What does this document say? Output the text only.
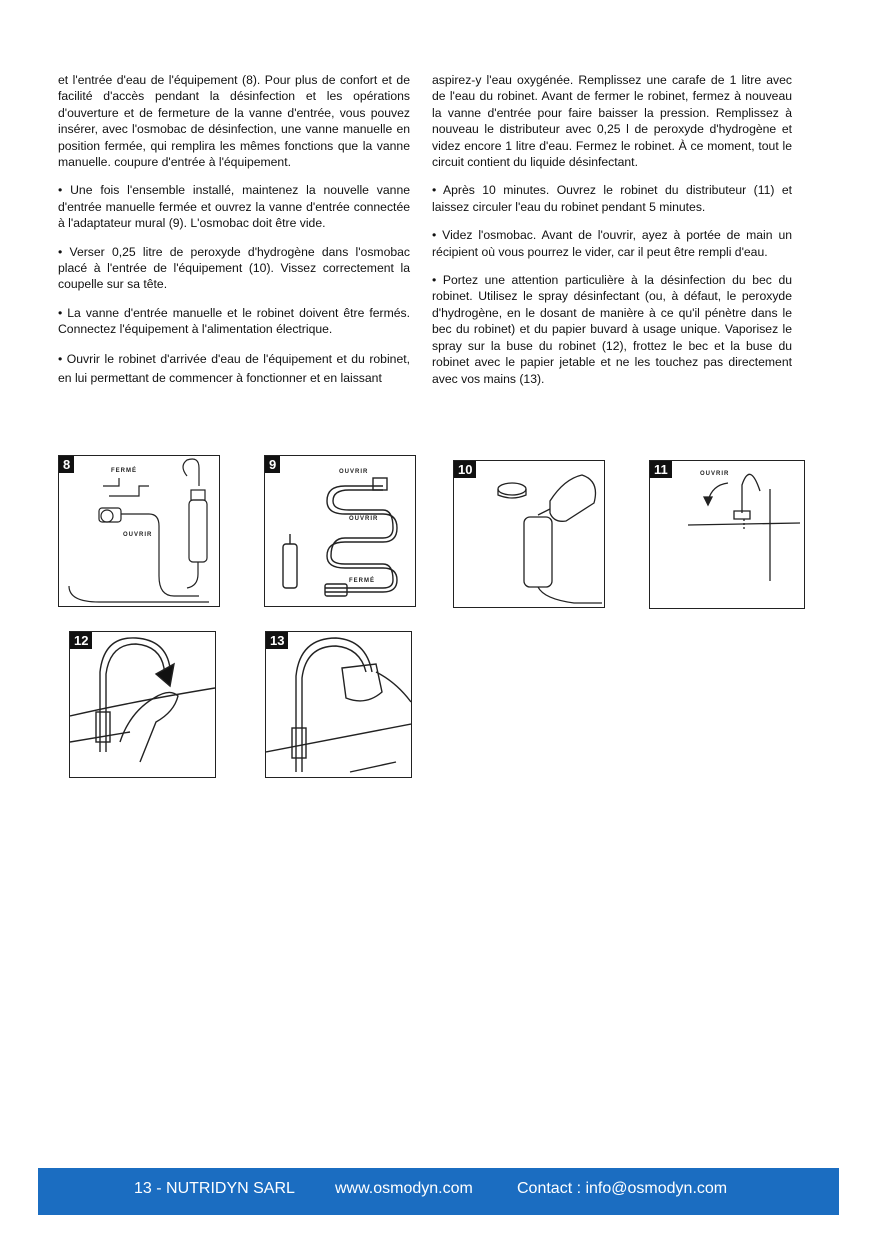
et l'entrée d'eau de l'équipement (8). Pour plus de confort et de facilité d'accès pendant la désinfection et les opérations d'ouverture et de fermeture de la vanne d'entrée, vous pouvez insérer, avec l'osmobac de désinfection, une vanne manuelle en position fermée, qui remplira les mêmes fonctions que la vanne manuelle. coupure d'entrée à l'équipement.

• Une fois l'ensemble installé, maintenez la nouvelle vanne d'entrée manuelle fermée et ouvrez la vanne d'entrée connectée à l'adaptateur mural (9). L'osmobac doit être vide.

• Verser 0,25 litre de peroxyde d'hydrogène dans l'osmobac placé à l'entrée de l'équipement (10). Vissez correctement la coupelle sur sa tête.

• La vanne d'entrée manuelle et le robinet doivent être fermés. Connectez l'équipement à l'alimentation électrique.

• Ouvrir le robinet d'arrivée d'eau de l'équipement et du robinet, en lui permettant de commencer à fonctionner et en laissant

aspirez-y l'eau oxygénée. Remplissez une carafe de 1 litre avec de l'eau du robinet. Avant de fermer le robinet, fermez à nouveau la vanne d'entrée pour faire baisser la pression. Remplissez à nouveau le distributeur avec 0,25 l de peroxyde d'hydrogène et videz encore 1 litre d'eau. Fermez le robinet. À ce moment, tout le circuit contient du liquide désinfectant.

• Après 10 minutes. Ouvrez le robinet du distributeur (11) et laissez circuler l'eau du robinet pendant 5 minutes.

• Videz l'osmobac. Avant de l'ouvrir, ayez à portée de main un récipient où vous pourrez le vider, car il peut être rempli d'eau.

• Portez une attention particulière à la désinfection du bec du robinet. Utilisez le spray désinfectant (ou, à défaut, le peroxyde d'hydrogène, en le dosant de manière à ce qu'il pénètre dans le bec du robinet) et du papier buvard à usage unique. Vaporisez le spray sur la buse du robinet (12), frottez le bec et la buse du robinet avec le papier jetable et ne les touchez pas directement avec vos mains (13).

8	FERMÉ
OUVRIR
9	OUVRIR
OUVRIR
FERMÉ
10	11	OUVRIR
12	13
13 - NUTRIDYN SARL	www.osmodyn.com	Contact : info@osmodyn.com
